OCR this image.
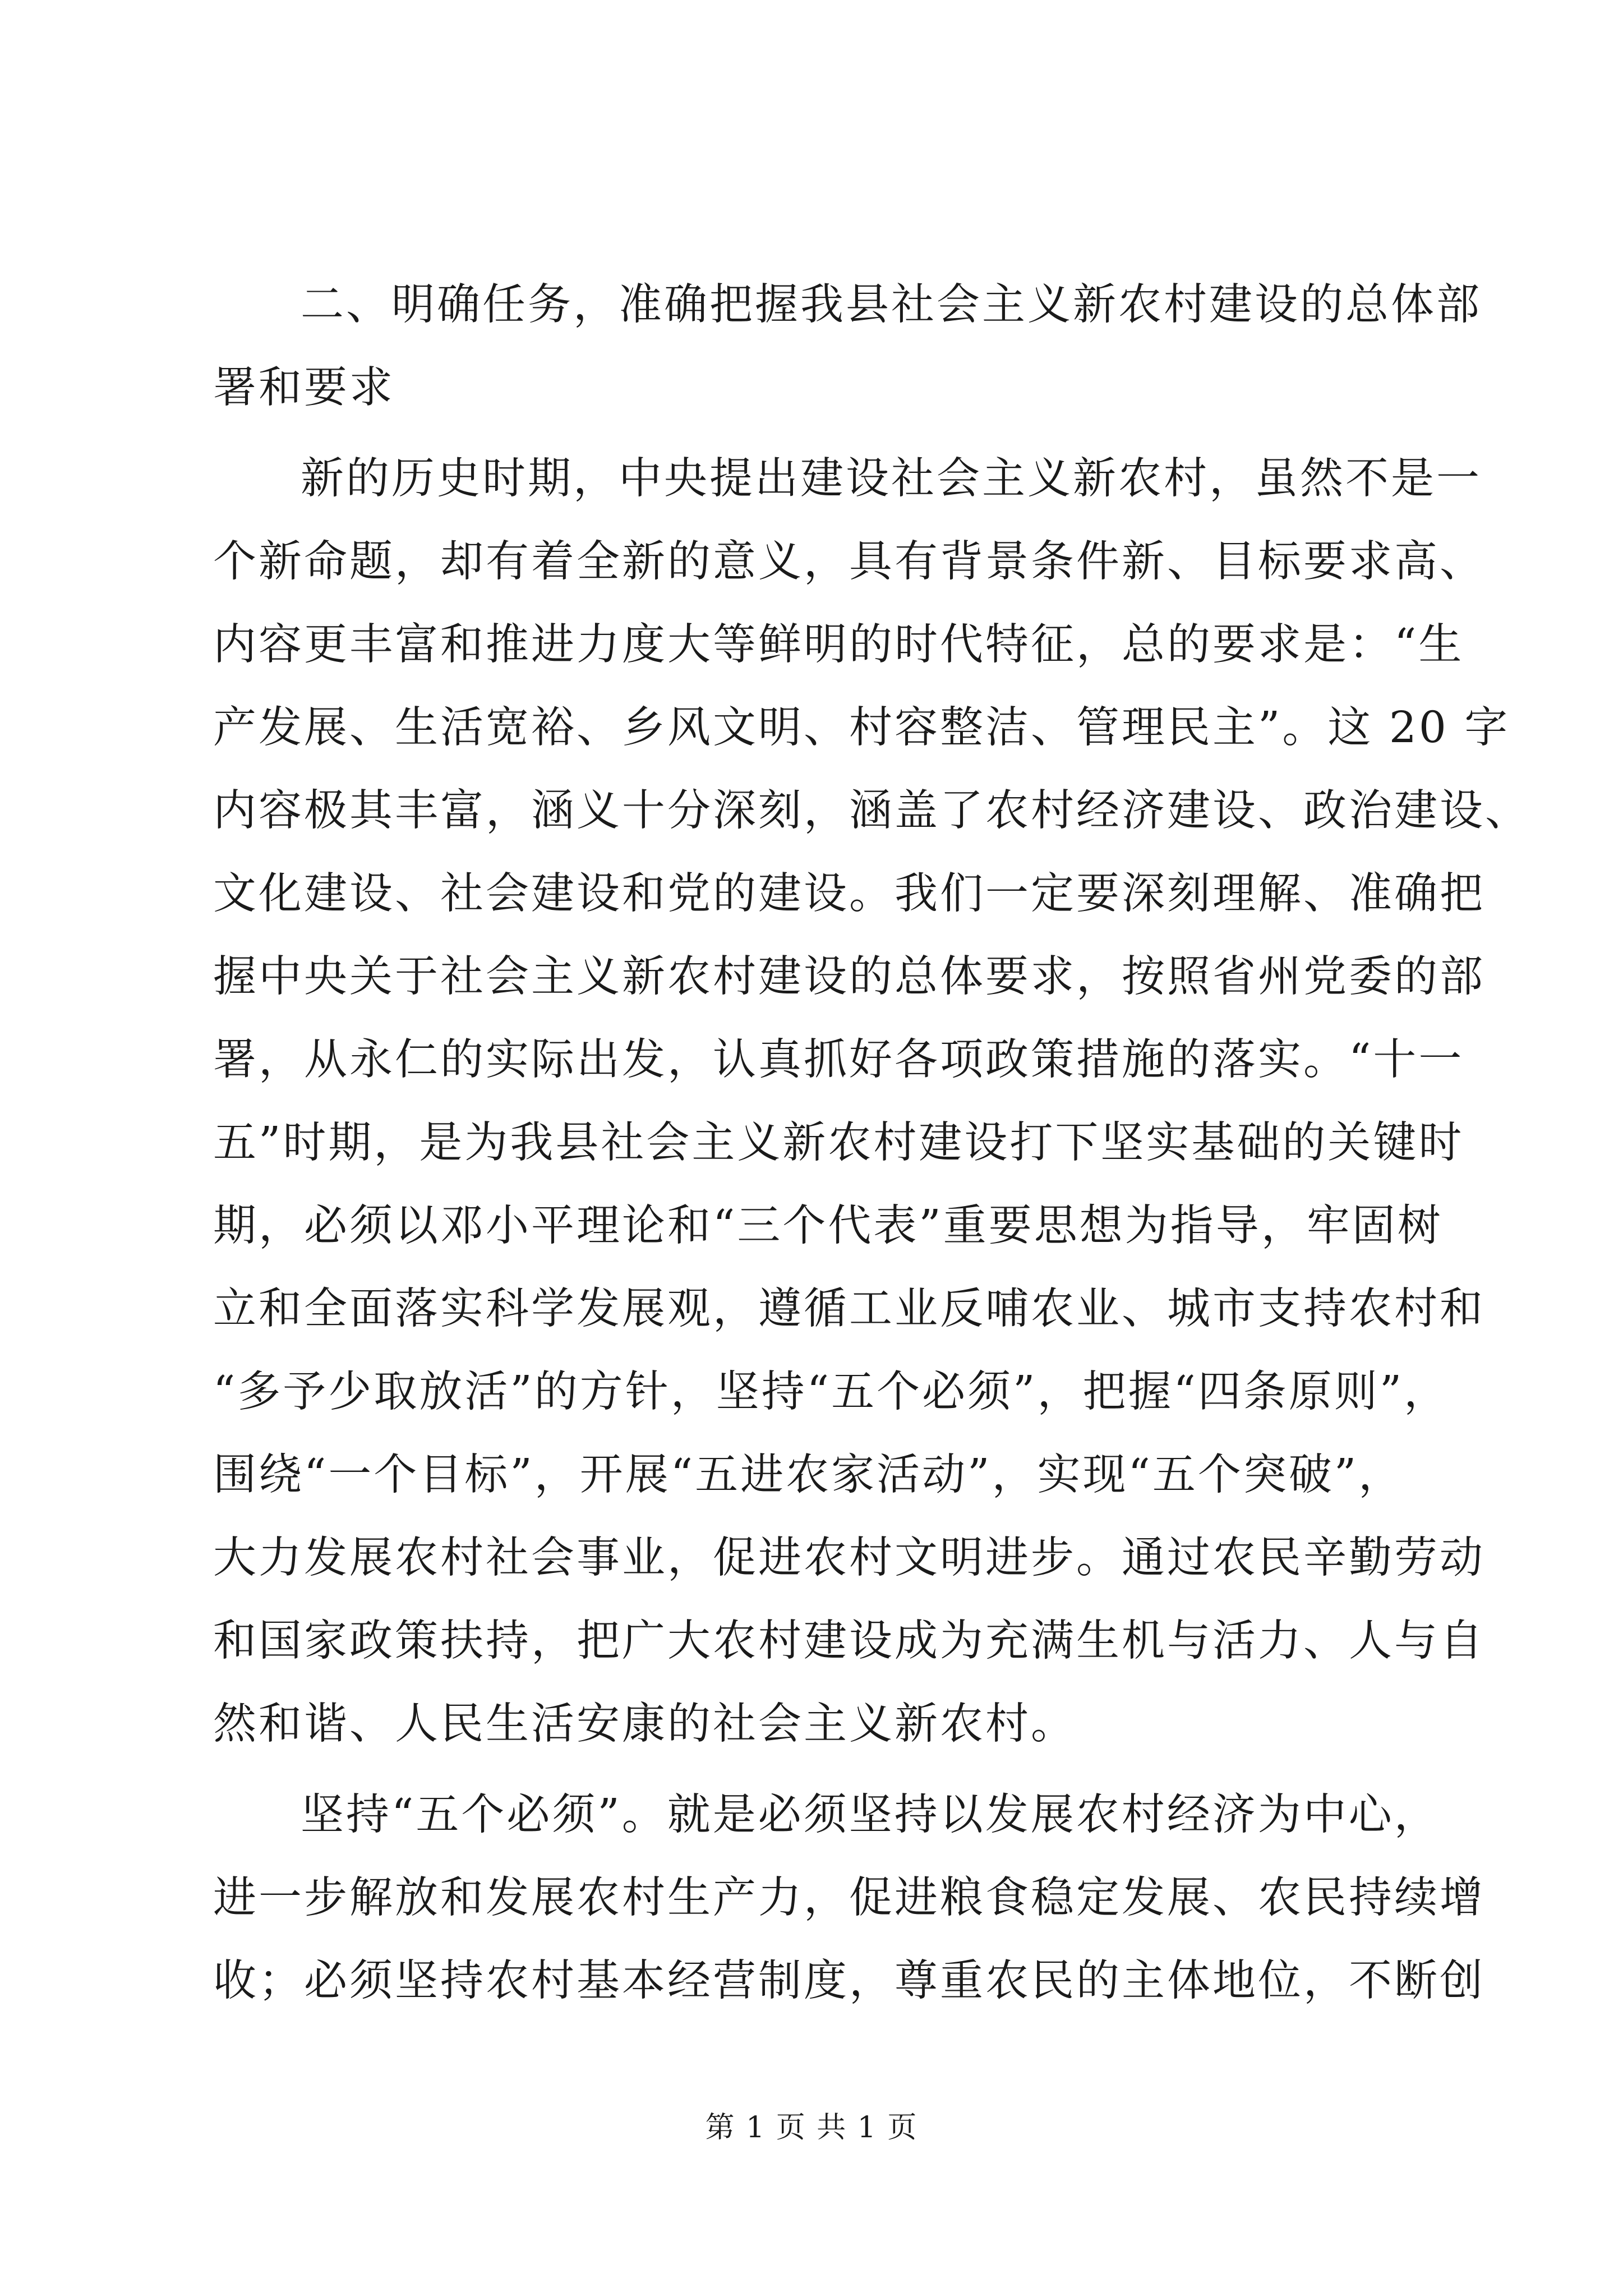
二、明确任务，准确把握我县社会主义新农村建设的总体部
署和要求
新的历史时期，中央提出建设社会主义新农村，虽然不是一
个新命题，却有着全新的意义，具有背景条件新、目标要求高、
内容更丰富和推进力度大等鲜明的时代特征，总的要求是：“生
产发展、生活宽裕、乡风文明、村容整洁、管理民主”。这 20 字
内容极其丰富，涵义十分深刻，涵盖了农村经济建设、政治建设、
文化建设、社会建设和党的建设。我们一定要深刻理解、准确把
握中央关于社会主义新农村建设的总体要求，按照省州党委的部
署，从永仁的实际出发，认真抓好各项政策措施的落实。“十一
五”时期，是为我县社会主义新农村建设打下坚实基础的关键时
期，必须以邓小平理论和“三个代表”重要思想为指导，牢固树
立和全面落实科学发展观，遵循工业反哺农业、城市支持农村和
“多予少取放活”的方针，坚持“五个必须”，把握“四条原则”，
围绕“一个目标”，开展“五进农家活动”，实现“五个突破”，
大力发展农村社会事业，促进农村文明进步。通过农民辛勤劳动
和国家政策扶持，把广大农村建设成为充满生机与活力、人与自
然和谐、人民生活安康的社会主义新农村。
坚持“五个必须”。就是必须坚持以发展农村经济为中心，
进一步解放和发展农村生产力，促进粮食稳定发展、农民持续增
收；必须坚持农村基本经营制度，尊重农民的主体地位，不断创
第 1 页 共 1 页
